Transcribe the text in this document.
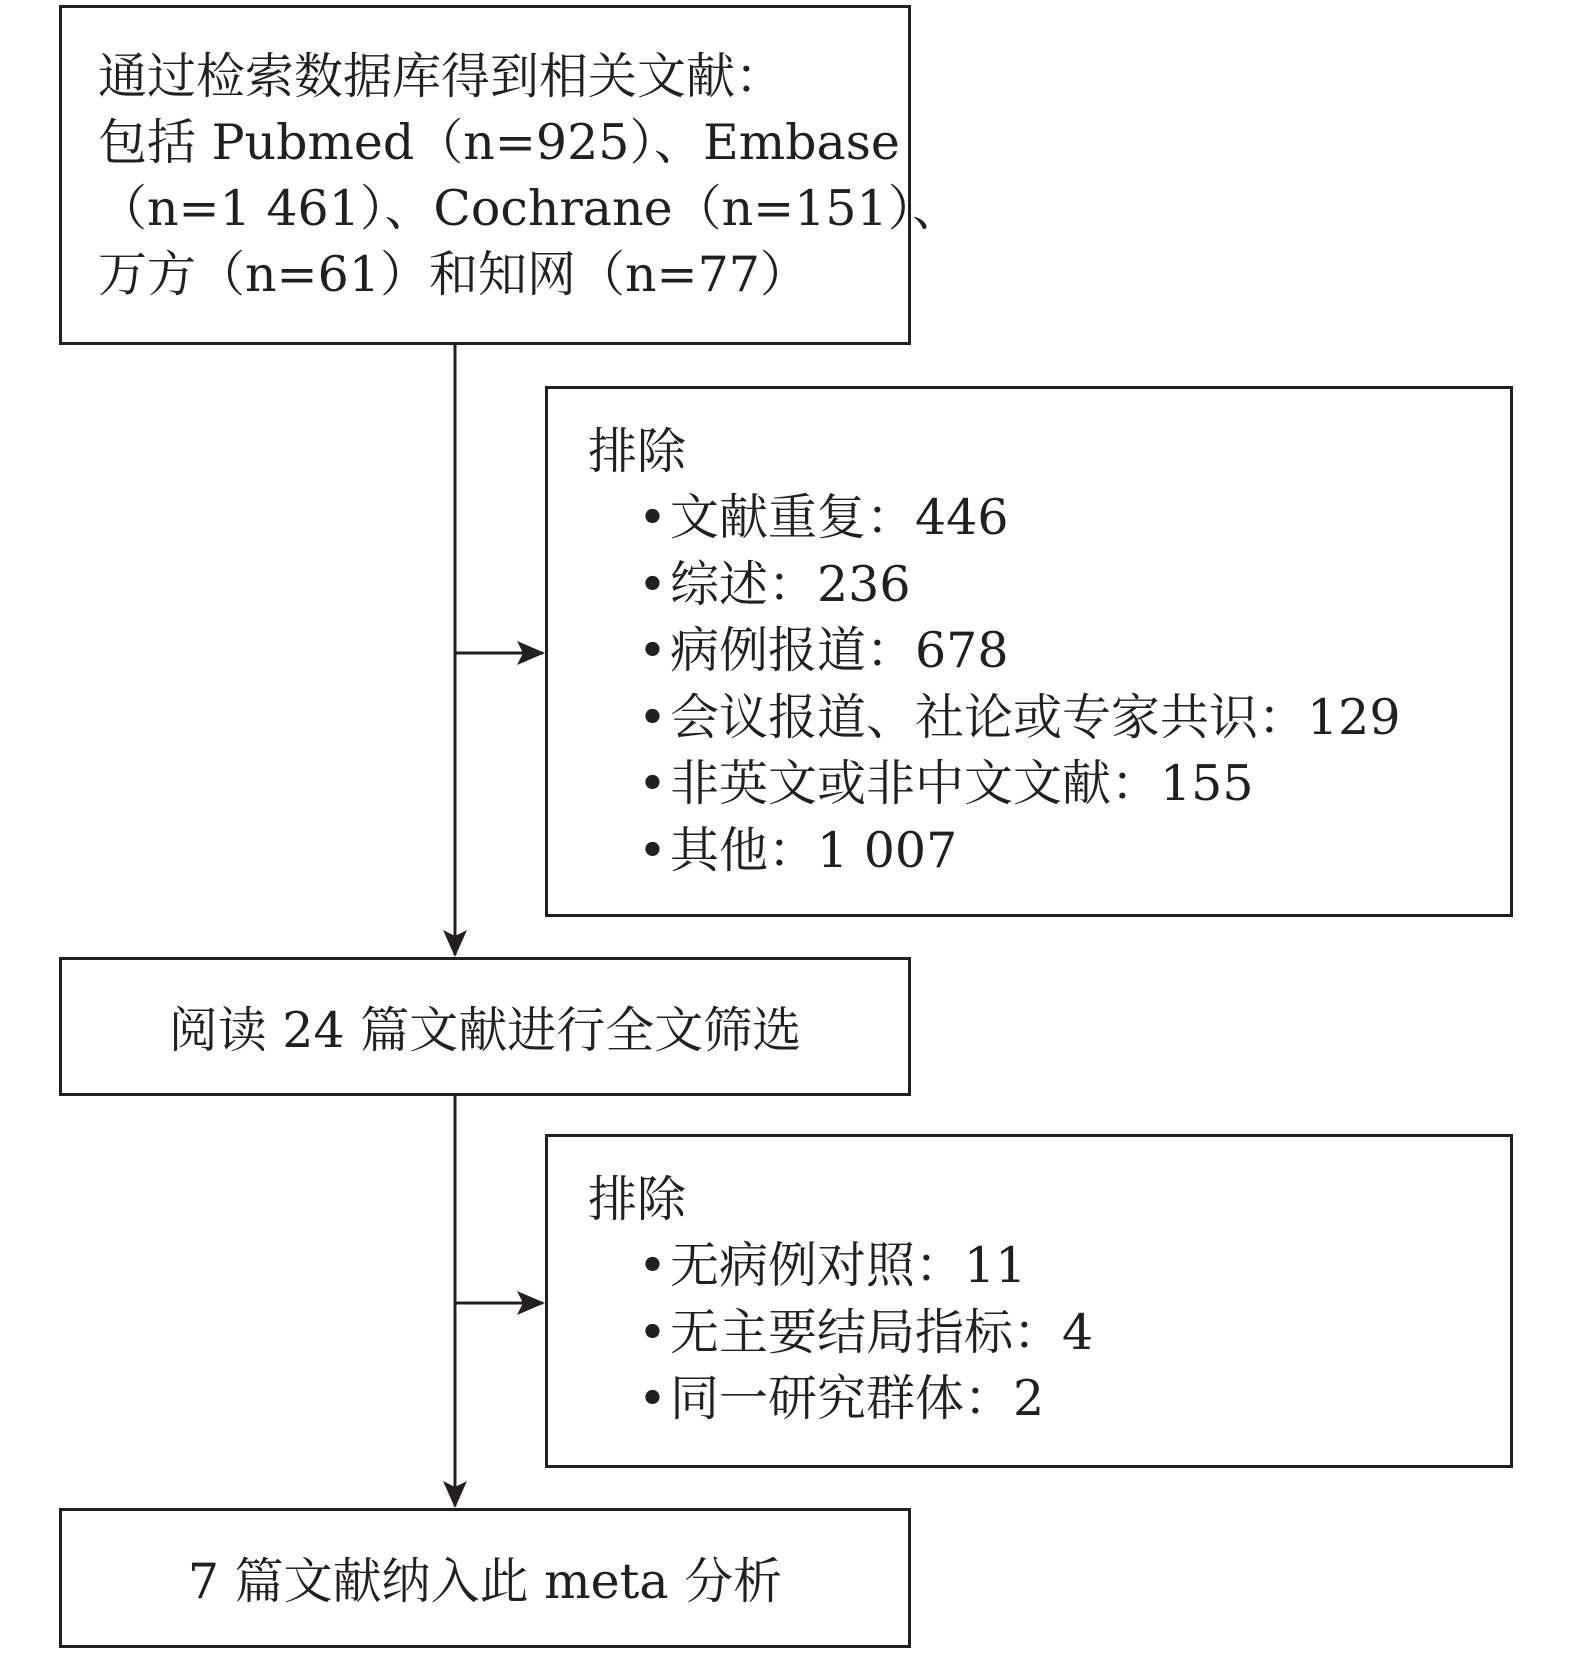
通过检索数据库得到相关文献：
包括 Pubmed（n=925）、Embase
（n=1 461）、Cochrane（n=151）、
万方（n=61）和知网（n=77）
排除
• 文献重复：446
• 综述：236
• 病例报道：678
• 会议报道、社论或专家共识：129
• 非英文或非中文文献：155
• 其他：1 007
阅读 24 篇文献进行全文筛选
排除
• 无病例对照：11
• 无主要结局指标：4
• 同一研究群体：2
7 篇文献纳入此 meta 分析
